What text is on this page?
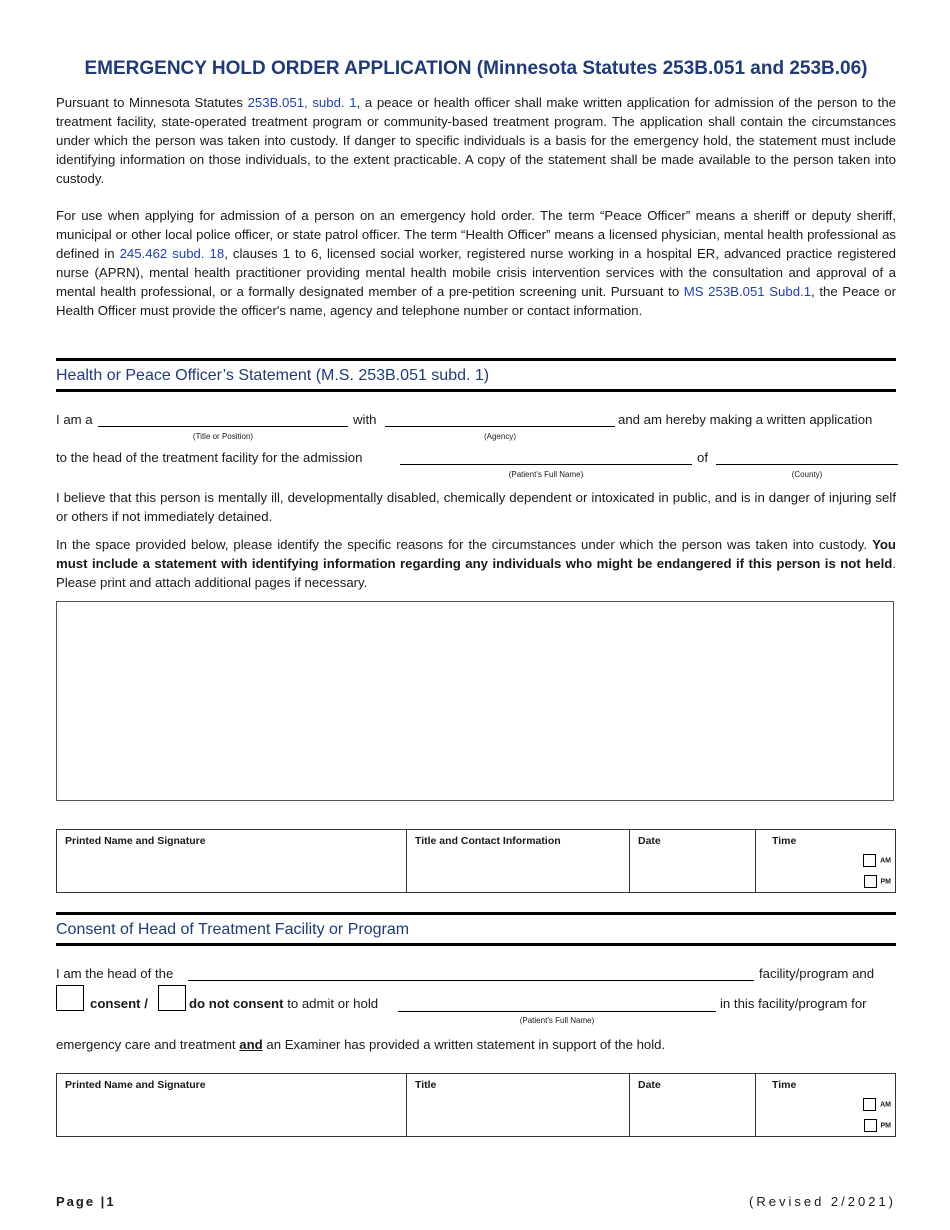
EMERGENCY HOLD ORDER APPLICATION (Minnesota Statutes 253B.051 and 253B.06)

Pursuant to Minnesota Statutes 253B.051, subd. 1, a peace or health officer shall make written application for admission of the person to the treatment facility, state-operated treatment program or community-based treatment program. The application shall contain the circumstances under which the person was taken into custody. If danger to specific individuals is a basis for the emergency hold, the statement must include identifying information on those individuals, to the extent practicable. A copy of the statement shall be made available to the person taken into custody.

For use when applying for admission of a person on an emergency hold order. The term “Peace Officer” means a sheriff or deputy sheriff, municipal or other local police officer, or state patrol officer. The term “Health Officer” means a licensed physician, mental health professional as defined in 245.462 subd. 18, clauses 1 to 6, licensed social worker, registered nurse working in a hospital ER, advanced practice registered nurse (APRN), mental health practitioner providing mental health mobile crisis intervention services with the consultation and approval of a mental health professional, or a formally designated member of a pre-petition screening unit. Pursuant to MS 253B.051 Subd.1, the Peace or Health Officer must provide the officer's name, agency and telephone number or contact information.

Health or Peace Officer’s Statement (M.S. 253B.051 subd. 1)
I am a	with	and am hereby making a written application
(Title or Position)	(Agency)
to the head of the treatment facility for the admission	of
(Patient’s Full Name)	(County)

I believe that this person is mentally ill, developmentally disabled, chemically dependent or intoxicated in public, and is in danger of injuring self or others if not immediately detained.

In the space provided below, please identify the specific reasons for the circumstances under which the person was taken into custody. You must include a statement with identifying information regarding any individuals who might be endangered if this person is not held. Please print and attach additional pages if necessary.

Printed Name and Signature	Title and Contact Information	Date	Time
AM
PM
Consent of Head of Treatment Facility or Program
I am the head of the	facility/program and
consent /	do not consent to admit or hold	in this facility/program for
(Patient’s Full Name)
emergency care and treatment and an Examiner has provided a written statement in support of the hold.
Printed Name and Signature	Title	Date	Time
AM
PM
Page |1	(Revised 2/2021)
